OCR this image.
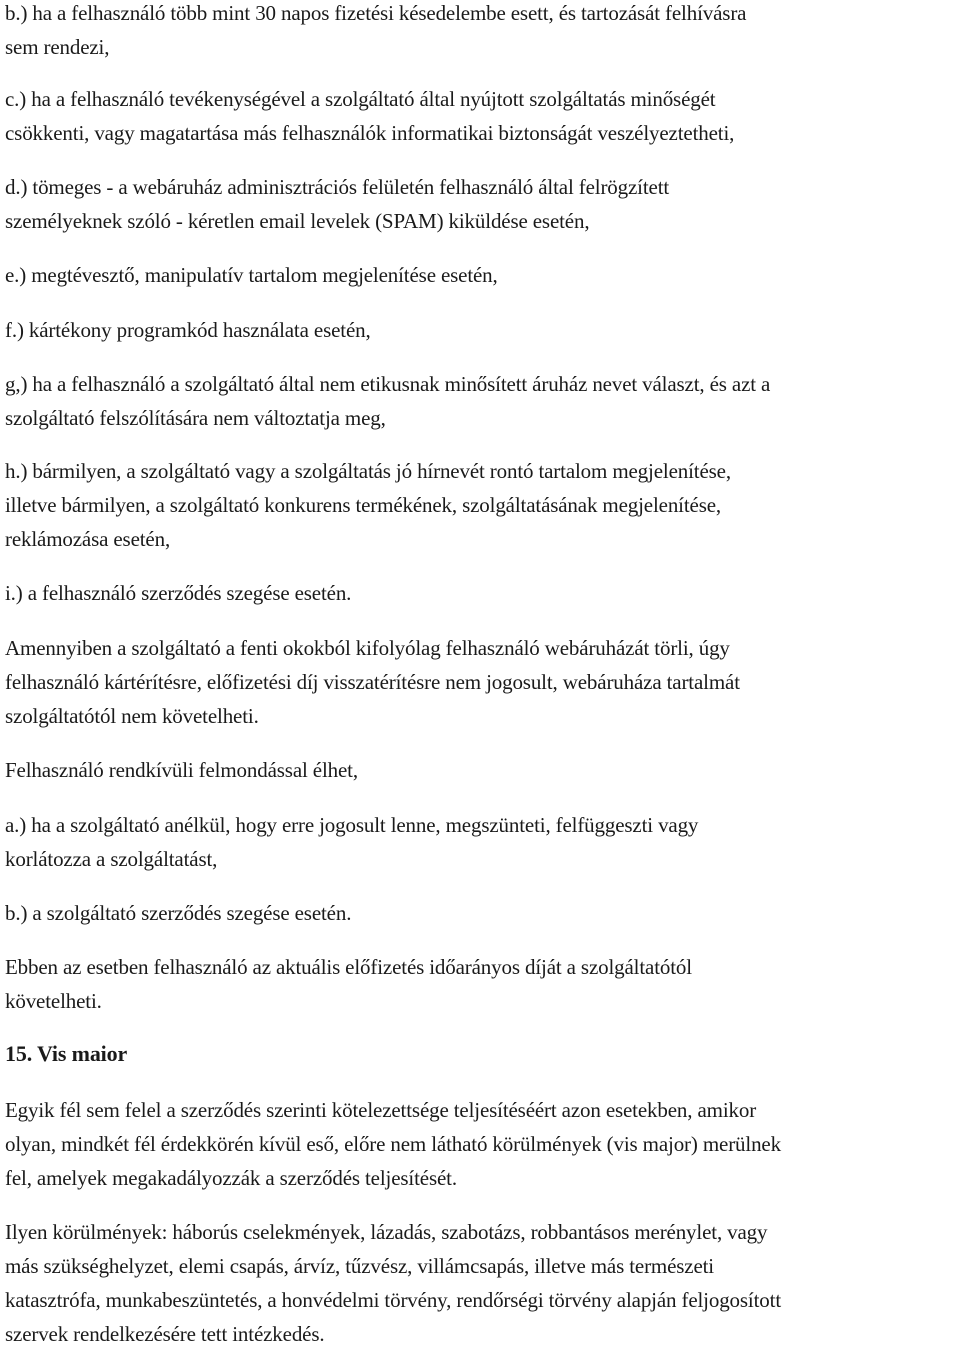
b.) ha a felhasználó több mint 30 napos fizetési késedelembe esett, és tartozását felhívásra
sem rendezi,

c.) ha a felhasználó tevékenységével a szolgáltató által nyújtott szolgáltatás minőségét
csökkenti, vagy magatartása más felhasználók informatikai biztonságát veszélyeztetheti,

d.) tömeges - a webáruház adminisztrációs felületén felhasználó által felrögzített
személyeknek szóló - kéretlen email levelek (SPAM) kiküldése esetén,

e.) megtévesztő, manipulatív tartalom megjelenítése esetén,

f.) kártékony programkód használata esetén,

g,) ha a felhasználó a szolgáltató által nem etikusnak minősített áruház nevet választ, és azt a
szolgáltató felszólítására nem változtatja meg,

h.) bármilyen, a szolgáltató vagy a szolgáltatás jó hírnevét rontó tartalom megjelenítése,
illetve bármilyen, a szolgáltató konkurens termékének, szolgáltatásának megjelenítése,
reklámozása esetén,

i.) a felhasználó szerződés szegése esetén.

Amennyiben a szolgáltató a fenti okokból kifolyólag felhasználó webáruházát törli, úgy
felhasználó kártérítésre, előfizetési díj visszatérítésre nem jogosult, webáruháza tartalmát
szolgáltatótól nem követelheti.

Felhasználó rendkívüli felmondással élhet,

a.) ha a szolgáltató anélkül, hogy erre jogosult lenne, megszünteti, felfüggeszti vagy
korlátozza a szolgáltatást,

b.) a szolgáltató szerződés szegése esetén.

Ebben az esetben felhasználó az aktuális előfizetés időarányos díját a szolgáltatótól
követelheti.

15. Vis maior

Egyik fél sem felel a szerződés szerinti kötelezettsége teljesítéséért azon esetekben, amikor
olyan, mindkét fél érdekkörén kívül eső, előre nem látható körülmények (vis major) merülnek
fel, amelyek megakadályozzák a szerződés teljesítését.

Ilyen körülmények: háborús cselekmények, lázadás, szabotázs, robbantásos merénylet, vagy
más szükséghelyzet, elemi csapás, árvíz, tűzvész, villámcsapás, illetve más természeti
katasztrófa, munkabeszüntetés, a honvédelmi törvény, rendőrségi törvény alapján feljogosított
szervek rendelkezésére tett intézkedés.
